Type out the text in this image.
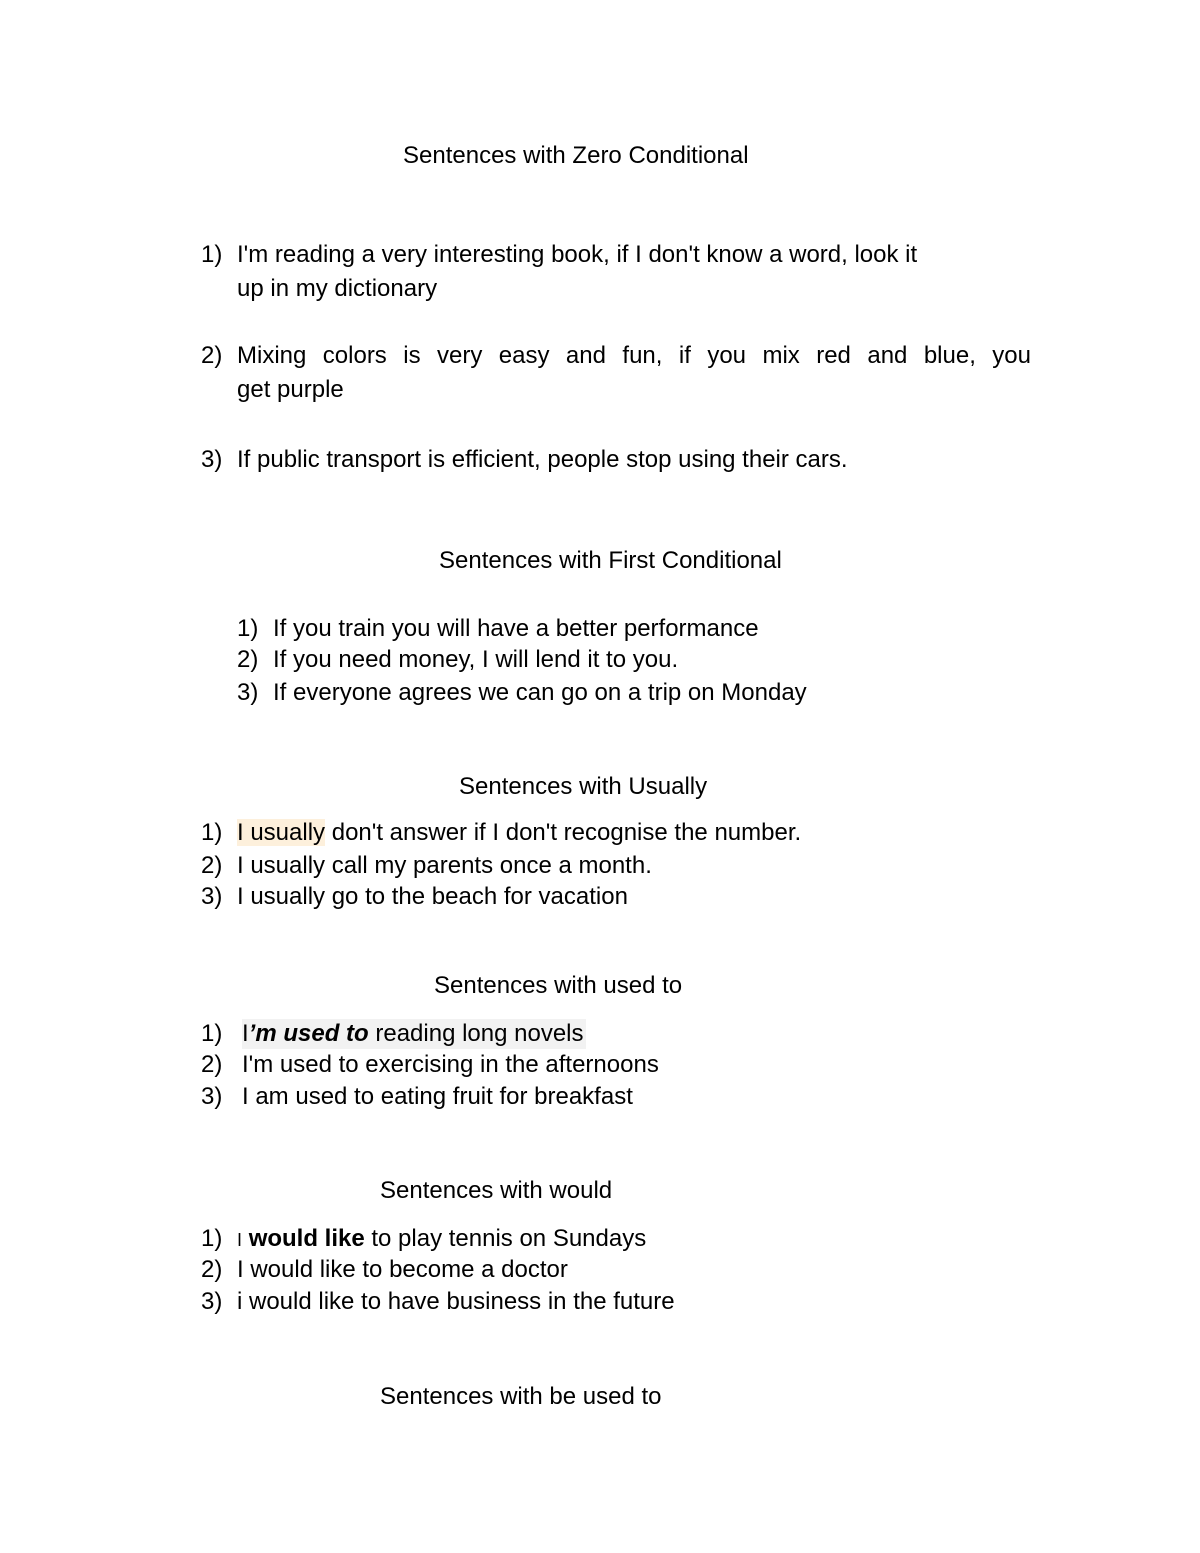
Sentences with Zero Conditional
1) I'm reading a very interesting book, if I don't know a word, look it
up in my dictionary
2) Mixing colors is very easy and fun, if you mix red and blue, you
get purple
3) If public transport is efficient, people stop using their cars.
Sentences with First Conditional
1) If you train you will have a better performance
2) If you need money, I will lend it to you.
3) If everyone agrees we can go on a trip on Monday
Sentences with Usually
1) I usually don't answer if I don't recognise the number.
2) I usually call my parents once a month.
3) I usually go to the beach for vacation
Sentences with used to
1) I’m used to reading long novels
2) I'm used to exercising in the afternoons
3) I am used to eating fruit for breakfast
Sentences with would
1) I would like to play tennis on Sundays
2) I would like to become a doctor
3) i would like to have business in the future
Sentences with be used to
